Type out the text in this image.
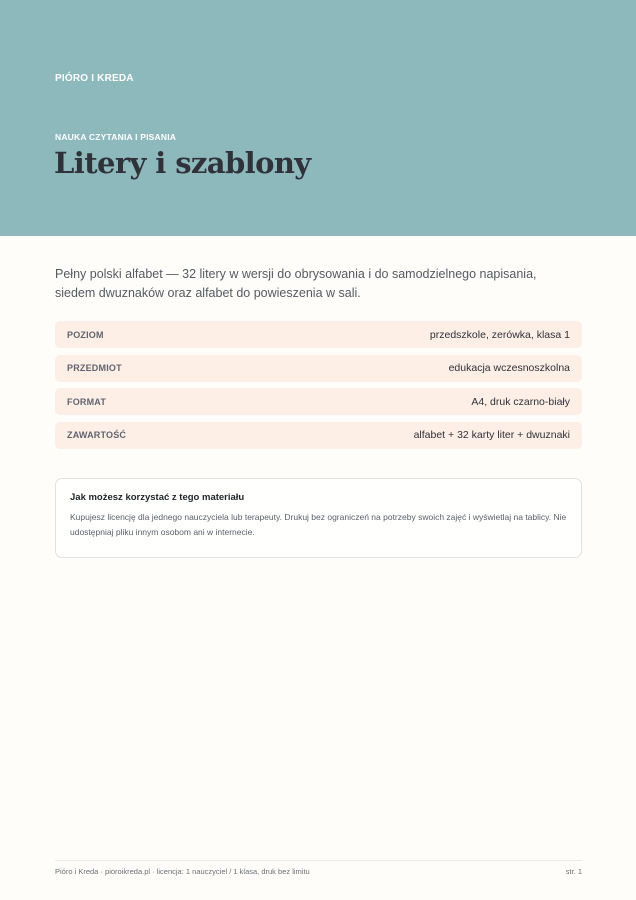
PIÓRO I KREDA
NAUKA CZYTANIA I PISANIA
Litery i szablony

Pełny polski alfabet — 32 litery w wersji do obrysowania i do samodzielnego napisania, siedem dwuznaków oraz alfabet do powieszenia w sali.

POZIOM	przedszkole, zerówka, klasa 1
PRZEDMIOT	edukacja wczesnoszkolna
FORMAT	A4, druk czarno-biały
ZAWARTOŚĆ	alfabet + 32 karty liter + dwuznaki

Jak możesz korzystać z tego materiału

Kupujesz licencję dla jednego nauczyciela lub terapeuty. Drukuj bez ograniczeń na potrzeby swoich zajęć i wyświetlaj na tablicy. Nie udostępniaj pliku innym osobom ani w internecie.

Pióro i Kreda · pioroikreda.pl · licencja: 1 nauczyciel / 1 klasa, druk bez limitu	str. 1
